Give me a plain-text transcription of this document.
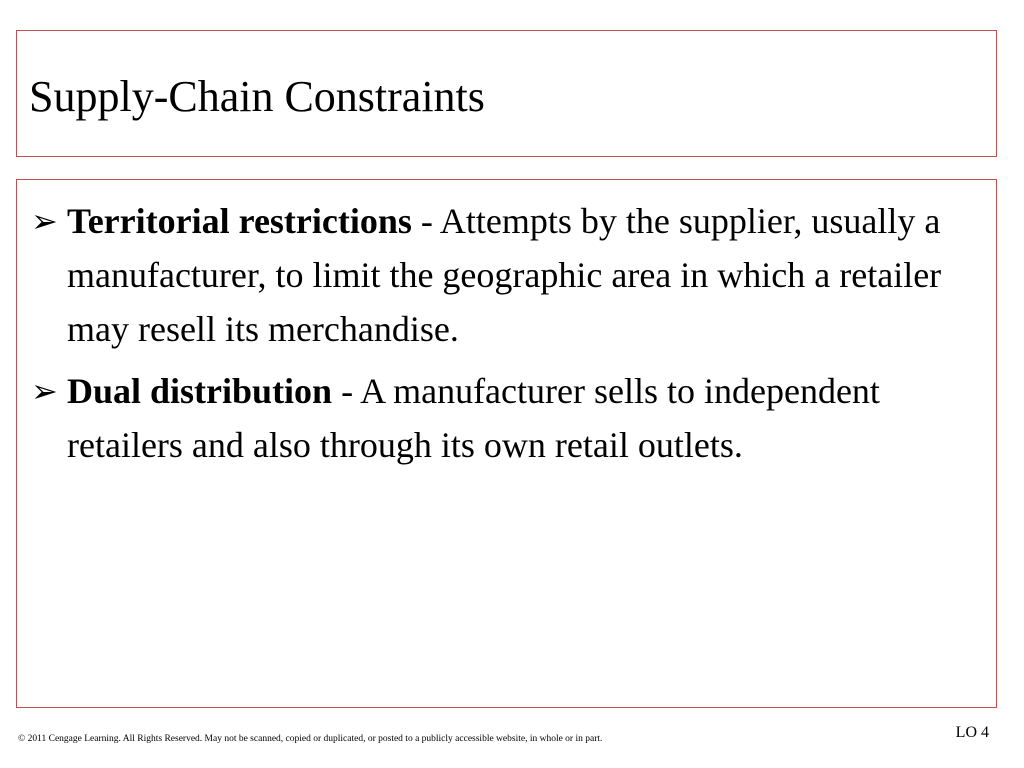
Supply-Chain Constraints
➢ Territorial restrictions - Attempts by the supplier, usually a manufacturer, to limit the geographic area in which a retailer may resell its merchandise.
➢ Dual distribution - A manufacturer sells to independent retailers and also through its own retail outlets.
© 2011 Cengage Learning. All Rights Reserved. May not be scanned, copied or duplicated, or posted to a publicly accessible website, in whole or in part.	LO 4
